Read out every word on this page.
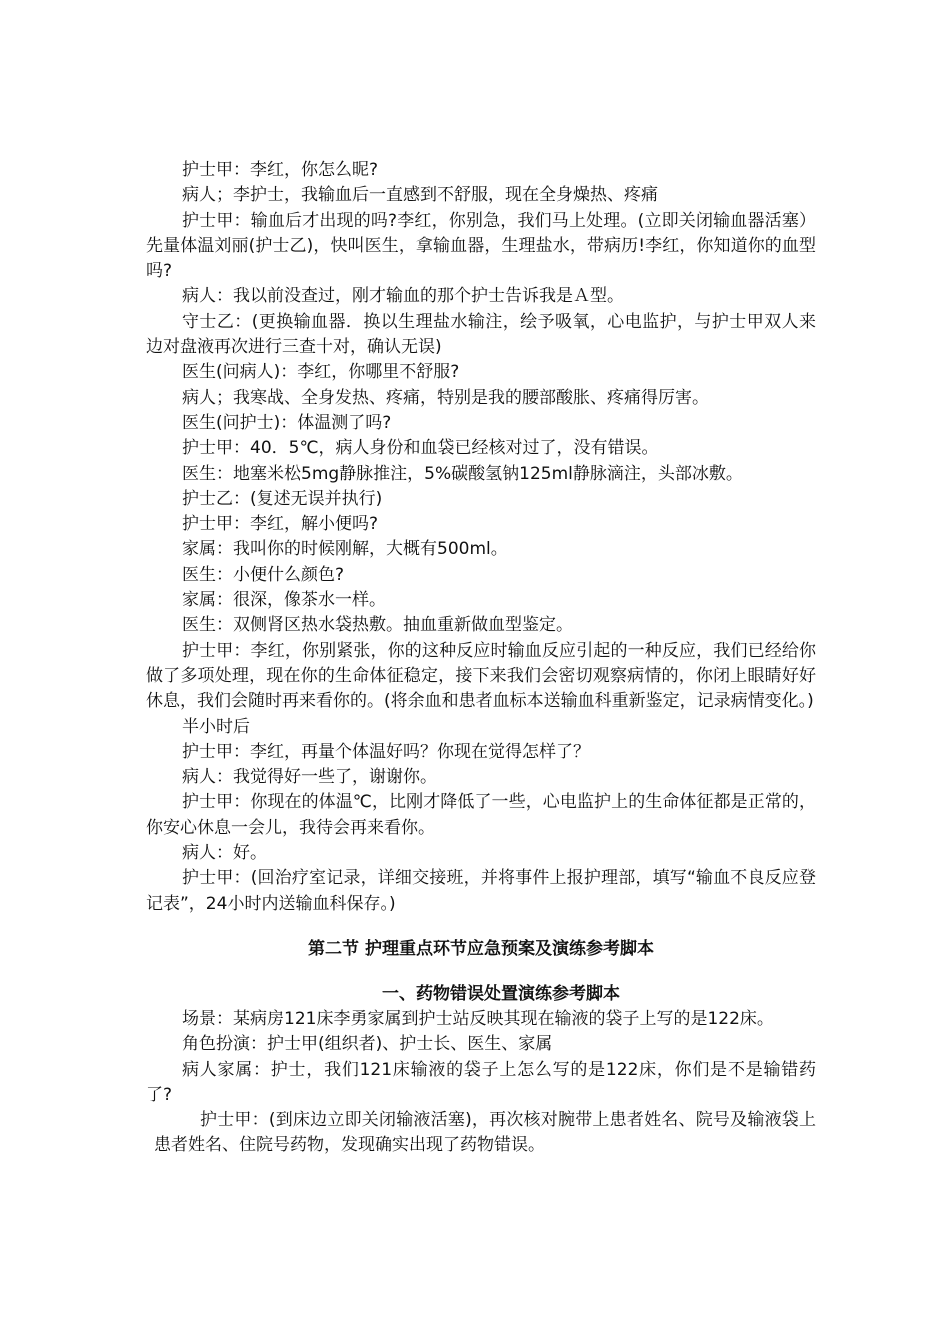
护士甲：李红，你怎么昵?

病人；李护士，我输血后一直感到不舒服，现在全身燥热、疼痛

护士甲：输血后才出现的吗?李红，你别急，我们马上处理。(立即关闭输血器活塞）先量体温刘丽(护士乙)，快叫医生，拿输血器，生理盐水，带病历!李红，你知道你的血型吗?

病人：我以前没查过，刚才输血的那个护士告诉我是Ａ型。

守士乙：(更换输血器．换以生理盐水输注，绘予吸氧，心电监护，与护士甲双人来边对盘液再次进行三查十对，确认无误)

医生(问病人)：李红，你哪里不舒服?

病人；我寒战、全身发热、疼痛，特别是我的腰部酸胀、疼痛得厉害。

医生(问护士)：体温测了吗?

护士甲：40．5℃，病人身份和血袋已经核对过了，没有错误。

医生：地塞米松5mg静脉推注，5%碳酸氢钠125ml静脉滴注，头部冰敷。

护士乙：(复述无误并执行)

护士甲：李红，解小便吗?

家属：我叫你的时候刚解，大概有500ml。

医生：小便什么颜色?

家属：很深，像茶水一样。

医生：双侧肾区热水袋热敷。抽血重新做血型鉴定。

护士甲：李红，你别紧张，你的这种反应时输血反应引起的一种反应，我们已经给你做了多项处理，现在你的生命体征稳定，接下来我们会密切观察病情的，你闭上眼睛好好休息，我们会随时再来看你的。(将余血和患者血标本送输血科重新鉴定，记录病情变化。)

半小时后

护士甲：李红，再量个体温好吗？你现在觉得怎样了？

病人：我觉得好一些了，谢谢你。

护士甲：你现在的体温℃，比刚才降低了一些，心电监护上的生命体征都是正常的，你安心休息一会儿，我待会再来看你。

病人：好。

护士甲：(回治疗室记录，详细交接班，并将事件上报护理部，填写“输血不良反应登记表”，24小时内送输血科保存。)

第二节 护理重点环节应急预案及演练参考脚本
一、药物错误处置演练参考脚本

场景：某病房121床李勇家属到护士站反映其现在输液的袋子上写的是122床。

角色扮演：护士甲(组织者)、护士长、医生、家属

病人家属：护士，我们121床输液的袋子上怎么写的是122床，你们是不是输错药了?

护士甲：(到床边立即关闭输液活塞)，再次核对腕带上患者姓名、院号及输液袋上患者姓名、住院号药物，发现确实出现了药物错误。
